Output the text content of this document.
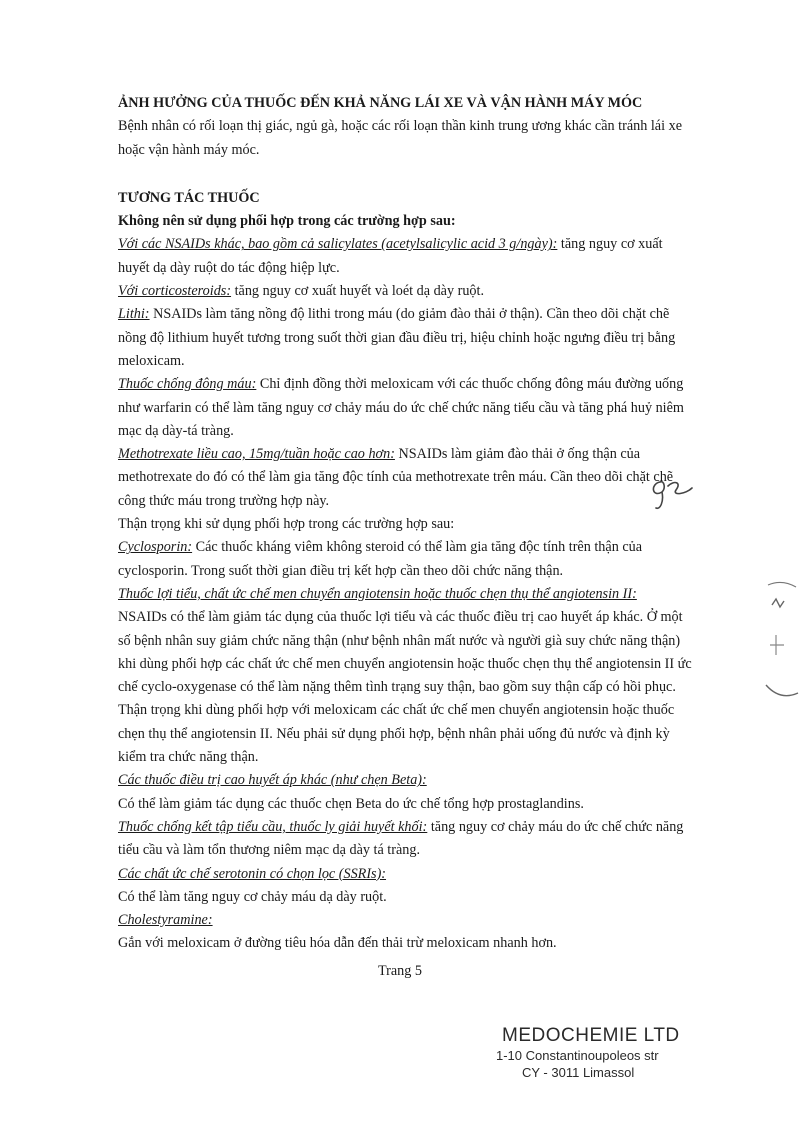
ẢNH HƯỞNG CỦA THUỐC ĐẾN KHẢ NĂNG LÁI XE VÀ VẬN HÀNH MÁY MÓC

Bệnh nhân có rối loạn thị giác, ngủ gà, hoặc các rối loạn thần kinh trung ương khác cần tránh lái xe hoặc vận hành máy móc.

TƯƠNG TÁC THUỐC

Không nên sử dụng phối hợp trong các trường hợp sau:

Với các NSAIDs khác, bao gồm cả salicylates (acetylsalicylic acid 3 g/ngày): tăng nguy cơ xuất huyết dạ dày ruột do tác động hiệp lực.

Với corticosteroids: tăng nguy cơ xuất huyết và loét dạ dày ruột.

Lithi: NSAIDs làm tăng nồng độ lithi trong máu (do giảm đào thải ở thận). Cần theo dõi chặt chẽ nồng độ lithium huyết tương trong suốt thời gian đầu điều trị, hiệu chỉnh hoặc ngưng điều trị bằng meloxicam.

Thuốc chống đông máu: Chỉ định đồng thời meloxicam với các thuốc chống đông máu đường uống như warfarin có thể làm tăng nguy cơ chảy máu do ức chế chức năng tiểu cầu và tăng phá huỷ niêm mạc dạ dày-tá tràng.

Methotrexate liều cao, 15mg/tuần hoặc cao hơn: NSAIDs làm giảm đào thải ở ống thận của methotrexate do đó có thể làm gia tăng độc tính của methotrexate trên máu. Cần theo dõi chặt chẽ công thức máu trong trường hợp này.

Thận trọng khi sử dụng phối hợp trong các trường hợp sau:

Cyclosporin: Các thuốc kháng viêm không steroid có thể làm gia tăng độc tính trên thận của cyclosporin. Trong suốt thời gian điều trị kết hợp cần theo dõi chức năng thận.

Thuốc lợi tiểu, chất ức chế men chuyển angiotensin hoặc thuốc chẹn thụ thể angiotensin II:

NSAIDs có thể làm giảm tác dụng của thuốc lợi tiểu và các thuốc điều trị cao huyết áp khác. Ở một số bệnh nhân suy giảm chức năng thận (như bệnh nhân mất nước và người già suy chức năng thận) khi dùng phối hợp các chất ức chế men chuyển angiotensin hoặc thuốc chẹn thụ thể angiotensin II ức chế cyclo-oxygenase có thể làm nặng thêm tình trạng suy thận, bao gồm suy thận cấp có hồi phục. Thận trọng khi dùng phối hợp với meloxicam các chất ức chế men chuyển angiotensin hoặc thuốc chẹn thụ thể angiotensin II. Nếu phải sử dụng phối hợp, bệnh nhân phải uống đủ nước và định kỳ kiểm tra chức năng thận.

Các thuốc điều trị cao huyết áp khác (như chẹn Beta):

Có thể làm giảm tác dụng các thuốc chẹn Beta do ức chế tổng hợp prostaglandins.

Thuốc chống kết tập tiểu cầu, thuốc ly giải huyết khối: tăng nguy cơ chảy máu do ức chế chức năng tiểu cầu và làm tổn thương niêm mạc dạ dày tá tràng.

Các chất ức chế serotonin có chọn lọc (SSRIs):

Có thể làm tăng nguy cơ chảy máu dạ dày ruột.

Cholestyramine:

Gắn với meloxicam ở đường tiêu hóa dẫn đến thải trừ meloxicam nhanh hơn.

Trang 5
MEDOCHEMIE LTD
1-10 Constantinoupoleos str
CY - 3011 Limassol
